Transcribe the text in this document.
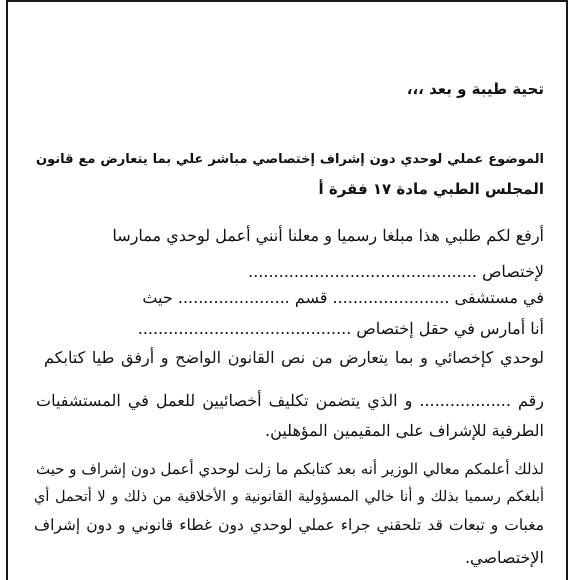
تحية طيبة و بعد ،،،
الموضوع عملي لوحدي دون إشراف إختصاصي مباشر علي بما يتعارض مع قانون
المجلس الطبي مادة ١٧ فقرة أ
أرفع لكم طلبي هذا مبلغا رسميا و معلنا أنني أعمل لوحدي ممارسا
لإختصاص .............................................
في مستشفى ....................... قسم ...................... حيث
أنا أمارس في حقل إختصاص ..........................................
لوحدي كإخصائي و بما يتعارض من نص القانون الواضح و أرفق طيا كتابكم
رقم .................. و الذي يتضمن تكليف أخصائيين للعمل في المستشفيات
الطرفية للإشراف على المقيمين المؤهلين.
لذلك أعلمكم معالي الوزير أنه بعد كتابكم ما زلت لوحدي أعمل دون إشراف و حيث
أبلغكم رسميا بذلك و أنا خالي المسؤولية القانونية و الأخلاقية من ذلك و لا أتحمل أي
مغبات و تبعات قد تلحقني جراء عملي لوحدي دون غطاء قانوني و دون إشراف
الإختصاصي.
